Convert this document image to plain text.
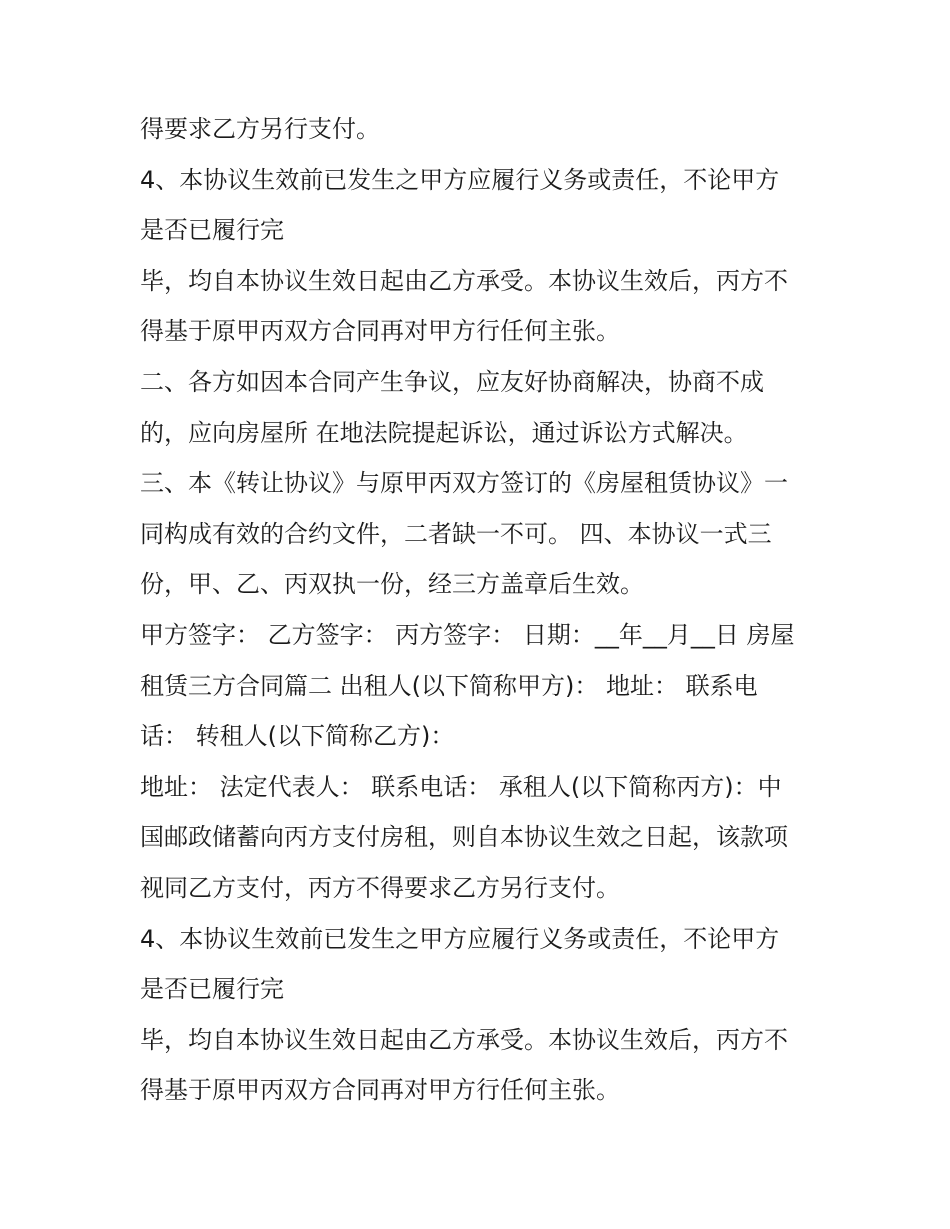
得要求乙方另行支付。
4、本协议生效前已发生之甲方应履行义务或责任，不论甲方
是否已履行完
毕，均自本协议生效日起由乙方承受。本协议生效后，丙方不
得基于原甲丙双方合同再对甲方行任何主张。
二、各方如因本合同产生争议，应友好协商解决，协商不成
的，应向房屋所 在地法院提起诉讼，通过诉讼方式解决。
三、本《转让协议》与原甲丙双方签订的《房屋租赁协议》一
同构成有效的合约文件，二者缺一不可。 四、本协议一式三
份，甲、乙、丙双执一份，经三方盖章后生效。
甲方签字： 乙方签字： 丙方签字： 日期：__年__月__日 房屋
租赁三方合同篇二 出租人(以下简称甲方)： 地址： 联系电
话： 转租人(以下简称乙方)：
地址： 法定代表人： 联系电话： 承租人(以下简称丙方)：中
国邮政储蓄向丙方支付房租，则自本协议生效之日起，该款项
视同乙方支付，丙方不得要求乙方另行支付。
4、本协议生效前已发生之甲方应履行义务或责任，不论甲方
是否已履行完
毕，均自本协议生效日起由乙方承受。本协议生效后，丙方不
得基于原甲丙双方合同再对甲方行任何主张。
